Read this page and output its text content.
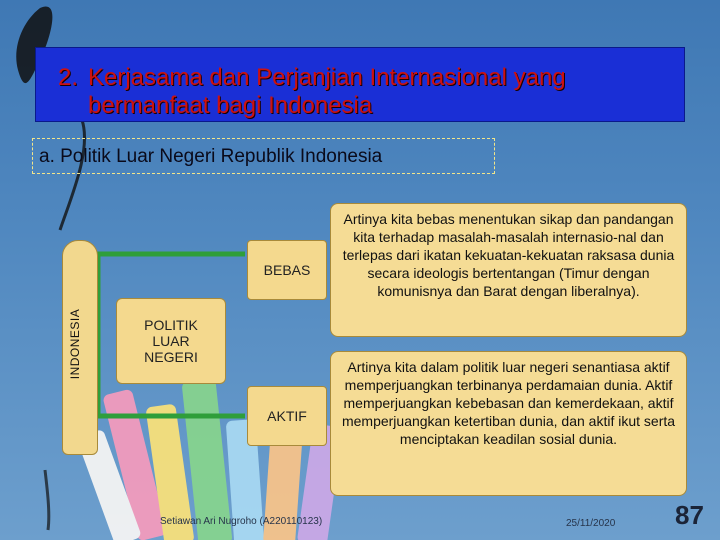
2. Kerjasama dan Perjanjian Internasional yang
bermanfaat bagi Indonesia
a. Politik Luar Negeri Republik Indonesia
INDONESIA	POLITIK
LUAR
NEGERI
BEBAS
AKTIF
Artinya kita bebas menentukan sikap dan pandangan kita terhadap masalah-masalah internasio-nal dan terlepas dari ikatan kekuatan-kekuatan raksasa dunia secara ideologis bertentangan (Timur dengan komunisnya dan Barat dengan liberalnya).
Artinya kita dalam politik luar negeri senantiasa aktif memperjuangkan terbinanya perdamaian dunia. Aktif memperjuangkan kebebasan dan kemerdekaan, aktif memperjuangkan ketertiban dunia, dan aktif ikut serta menciptakan keadilan sosial dunia.
Setiawan Ari Nugroho (A220110123)	25/11/2020 87
